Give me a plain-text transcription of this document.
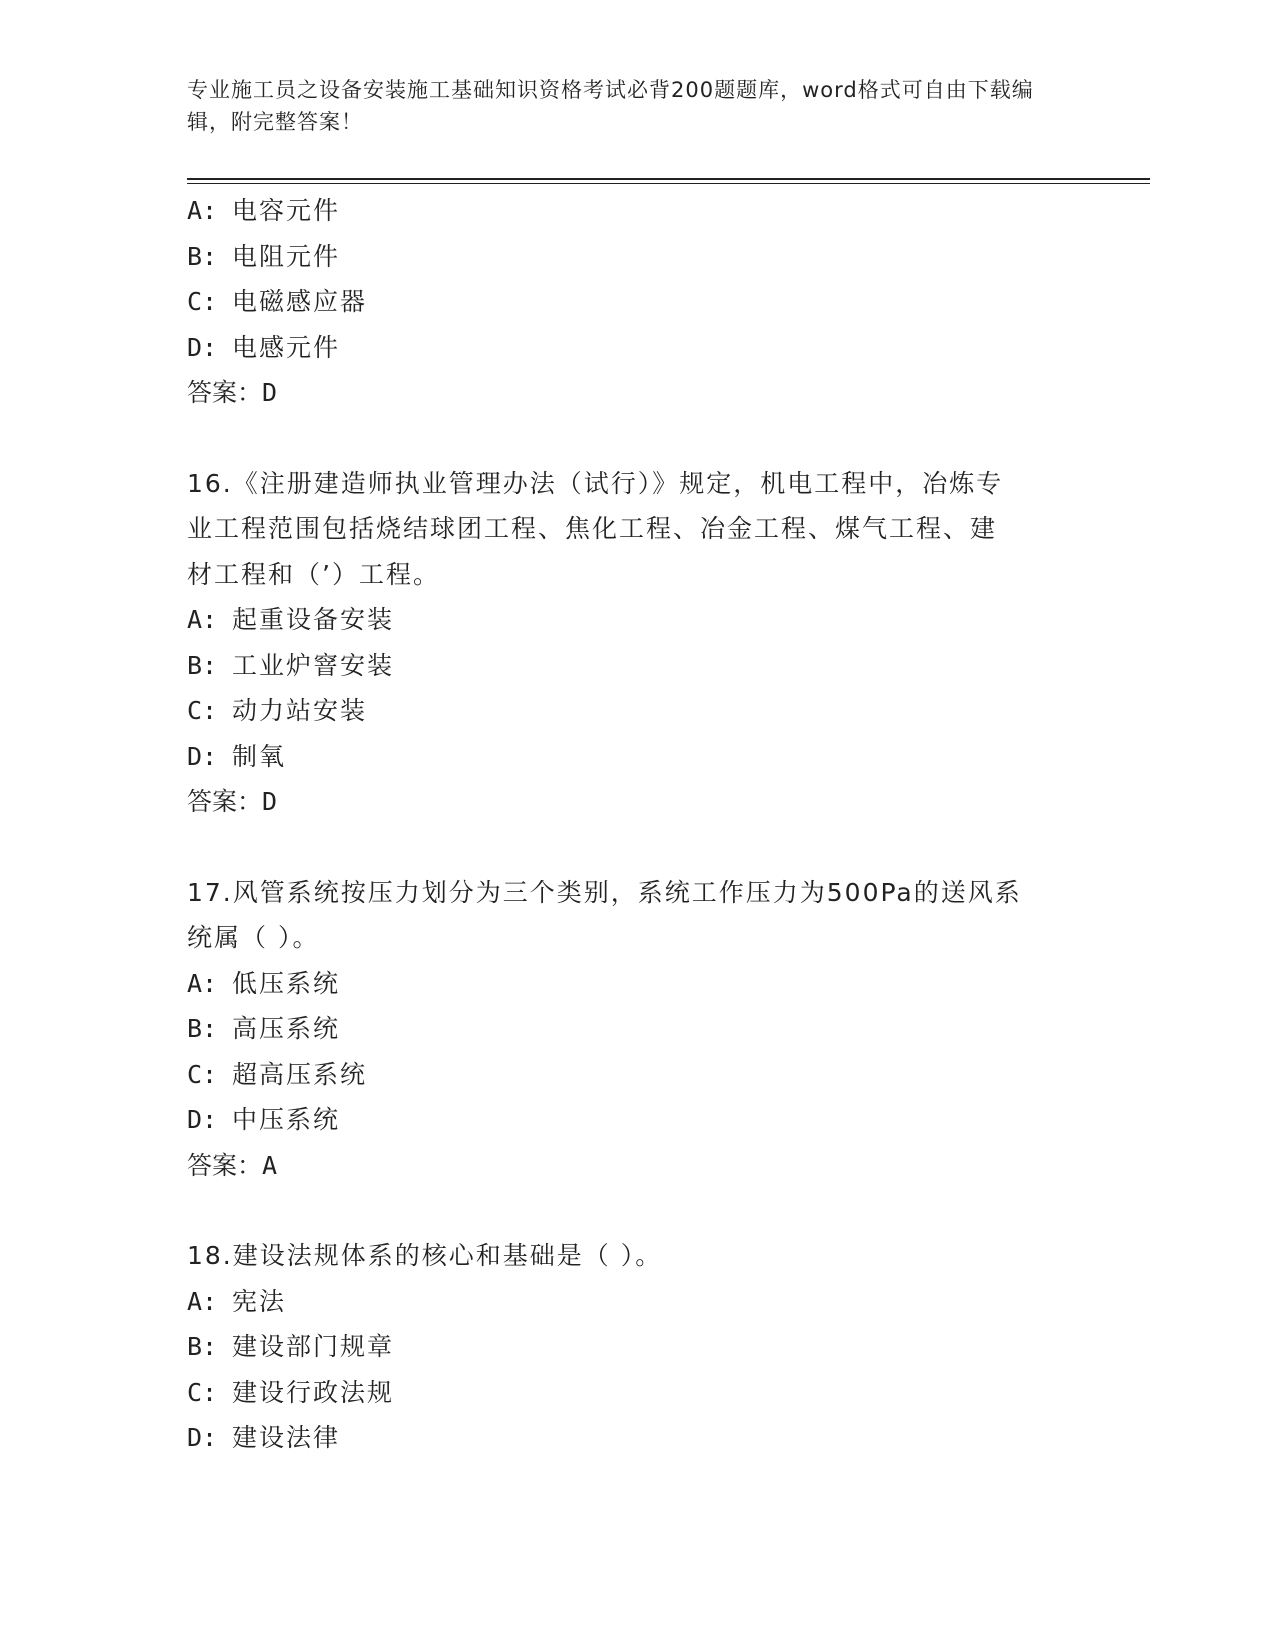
专业施工员之设备安装施工基础知识资格考试必背200题题库，word格式可自由下载编辑，附完整答案！
A: 电容元件
B: 电阻元件
C: 电磁感应器
D: 电感元件
答案：D
16.《注册建造师执业管理办法（试行）》规定，机电工程中，冶炼专
业工程范围包括烧结球团工程、焦化工程、冶金工程、煤气工程、建
材工程和（’）工程。
A: 起重设备安装
B: 工业炉窨安装
C: 动力站安装
D: 制氧
答案：D
17.风管系统按压力划分为三个类别，系统工作压力为500Pa的送风系
统属（ ）。
A: 低压系统
B: 高压系统
C: 超高压系统
D: 中压系统
答案：A
18.建设法规体系的核心和基础是（ ）。
A: 宪法
B: 建设部门规章
C: 建设行政法规
D: 建设法律
